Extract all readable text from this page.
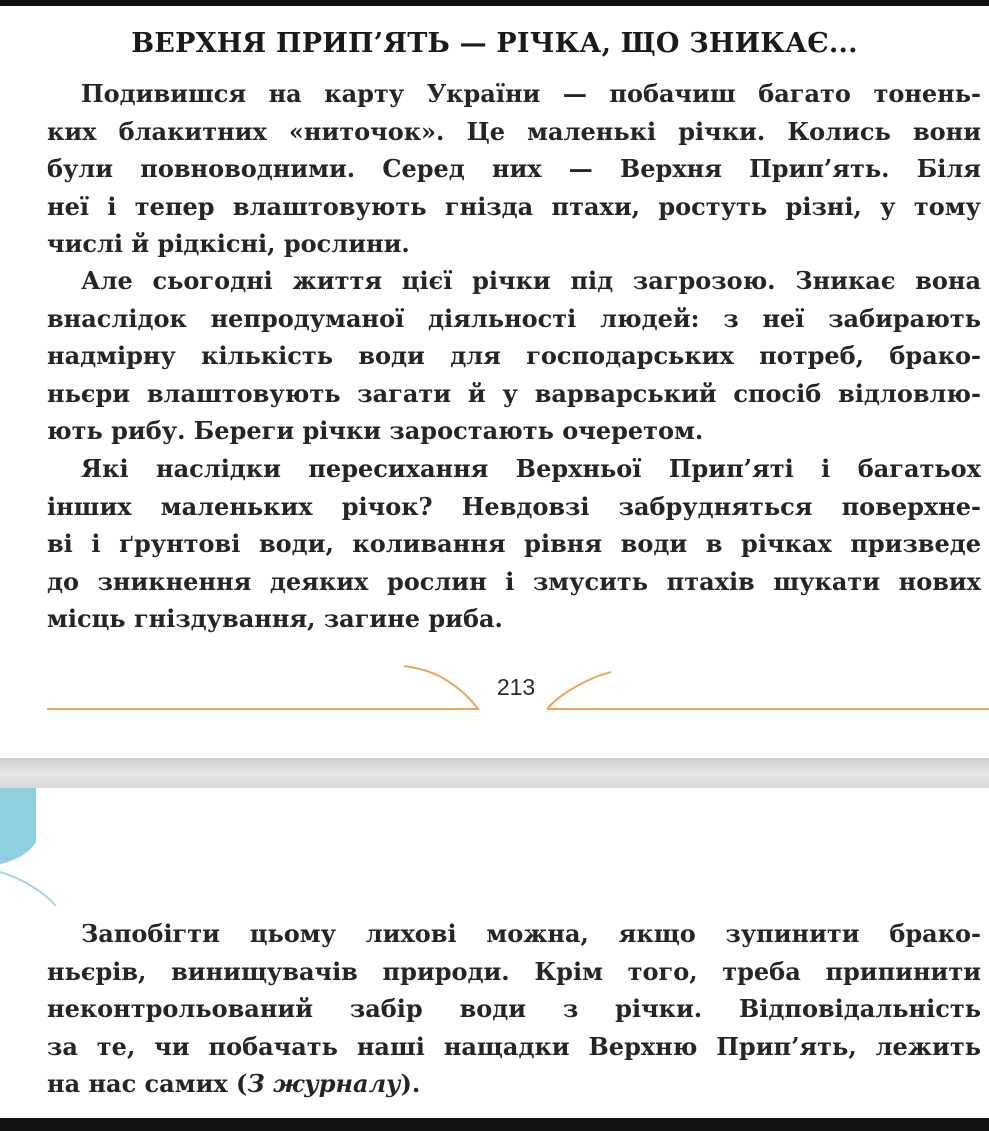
ВЕРХНЯ ПРИП’ЯТЬ — РІЧКА, ЩО ЗНИКАЄ...

Подивишся на карту України — побачиш багато тонень-
ких блакитних «ниточок». Це маленькі річки. Колись вони
були повноводними. Серед них — Верхня Прип’ять. Біля
неї і тепер влаштовують гнізда птахи, ростуть різні, у тому
числі й рідкісні, рослини.

Але сьогодні життя цієї річки під загрозою. Зникає вона
внаслідок непродуманої діяльності людей: з неї забирають
надмірну кількість води для господарських потреб, брако-
ньєри влаштовують загати й у варварський спосіб відловлю-
ють рибу. Береги річки заростають очеретом.

Які наслідки пересихання Верхньої Прип’яті і багатьох
інших маленьких річок? Невдовзі забрудняться поверхне-
ві і ґрунтові води, коливання рівня води в річках призведе
до зникнення деяких рослин і змусить птахів шукати нових
місць гніздування, загине риба.

213

Запобігти цьому лихові можна, якщо зупинити брако-
ньєрів, винищувачів природи. Крім того, треба припинити
неконтрольований забір води з річки. Відповідальність
за те, чи побачать наші нащадки Верхню Прип’ять, лежить
на нас самих (З журналу).
